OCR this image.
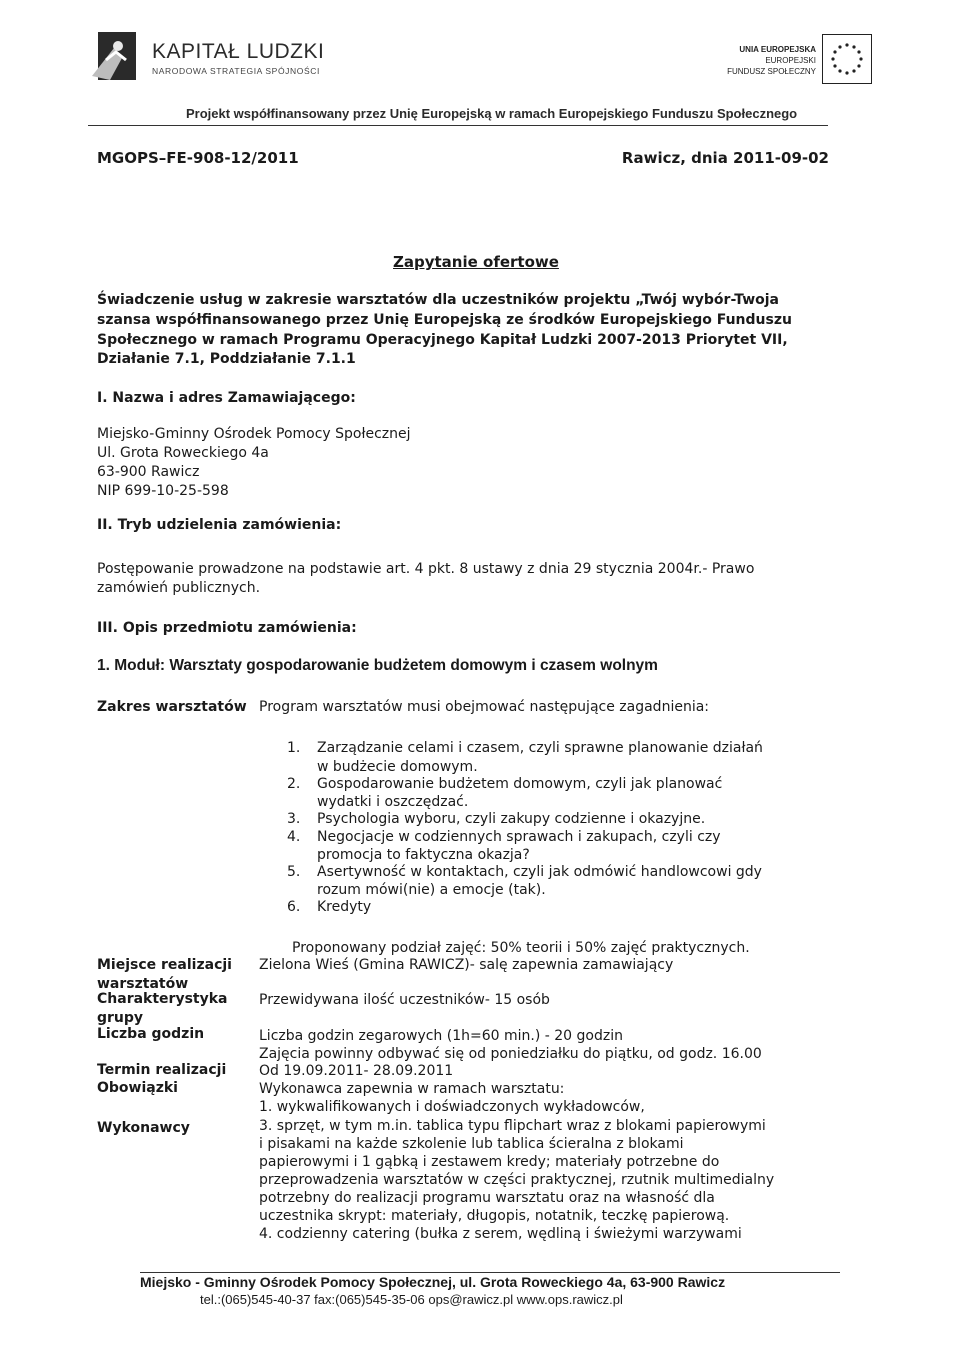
KAPITAŁ LUDZKI
NARODOWA STRATEGIA SPÓJNOŚCI
UNIA EUROPEJSKA
EUROPEJSKI
FUNDUSZ SPOŁECZNY
Projekt współfinansowany przez Unię Europejską w ramach Europejskiego Funduszu Społecznego
MGOPS–FE-908-12/2011	Rawicz, dnia 2011-09-02
Zapytanie ofertowe
Świadczenie usług w zakresie warsztatów dla uczestników projektu „Twój wybór-Twoja
szansa współfinansowanego przez Unię Europejską ze środków Europejskiego Funduszu
Społecznego w ramach Programu Operacyjnego Kapitał Ludzki 2007-2013 Priorytet VII,
Działanie 7.1, Poddziałanie 7.1.1
I. Nazwa i adres Zamawiającego:
Miejsko-Gminny Ośrodek Pomocy Społecznej
Ul. Grota Roweckiego 4a
63-900 Rawicz
NIP 699-10-25-598
II. Tryb udzielenia zamówienia:
Postępowanie prowadzone na podstawie art. 4 pkt. 8 ustawy z dnia 29 stycznia 2004r.- Prawo
zamówień publicznych.
III. Opis przedmiotu zamówienia:
1. Moduł: Warsztaty gospodarowanie budżetem domowym i czasem wolnym
Zakres warsztatów Program warsztatów musi obejmować następujące zagadnienia:
1. Zarządzanie celami i czasem, czyli sprawne planowanie działań
w budżecie domowym.
2. Gospodarowanie budżetem domowym, czyli jak planować
wydatki i oszczędzać.
3. Psychologia wyboru, czyli zakupy codzienne i okazyjne.
4. Negocjacje w codziennych sprawach i zakupach, czyli czy
promocja to faktyczna okazja?
5. Asertywność w kontaktach, czyli jak odmówić handlowcowi gdy
rozum mówi(nie) a emocje (tak).
6. Kredyty
Proponowany podział zajęć: 50% teorii i 50% zajęć praktycznych.
Miejsce realizacji
warsztatów
Zielona Wieś (Gmina RAWICZ)- salę zapewnia zamawiający
Charakterystyka
grupy
Przewidywana ilość uczestników- 15 osób
Liczba godzin	Liczba godzin zegarowych (1h=60 min.) - 20 godzin
Zajęcia powinny odbywać się od poniedziałku do piątku, od godz. 16.00
Termin realizacji Od 19.09.2011- 28.09.2011
Obowiązki
Wykonawcy
Wykonawca zapewnia w ramach warsztatu:
1. wykwalifikowanych i doświadczonych wykładowców,
3. sprzęt, w tym m.in. tablica typu flipchart wraz z blokami papierowymi
i pisakami na każde szkolenie lub tablica ścieralna z blokami
papierowymi i 1 gąbką i zestawem kredy; materiały potrzebne do
przeprowadzenia warsztatów w części praktycznej, rzutnik multimedialny
potrzebny do realizacji programu warsztatu oraz na własność dla
uczestnika skrypt: materiały, długopis, notatnik, teczkę papierową.
4. codzienny catering (bułka z serem, wędliną i świeżymi warzywami
Miejsko - Gminny Ośrodek Pomocy Społecznej, ul. Grota Roweckiego 4a, 63-900 Rawicz
tel.:(065)545-40-37 fax:(065)545-35-06 ops@rawicz.pl www.ops.rawicz.pl
